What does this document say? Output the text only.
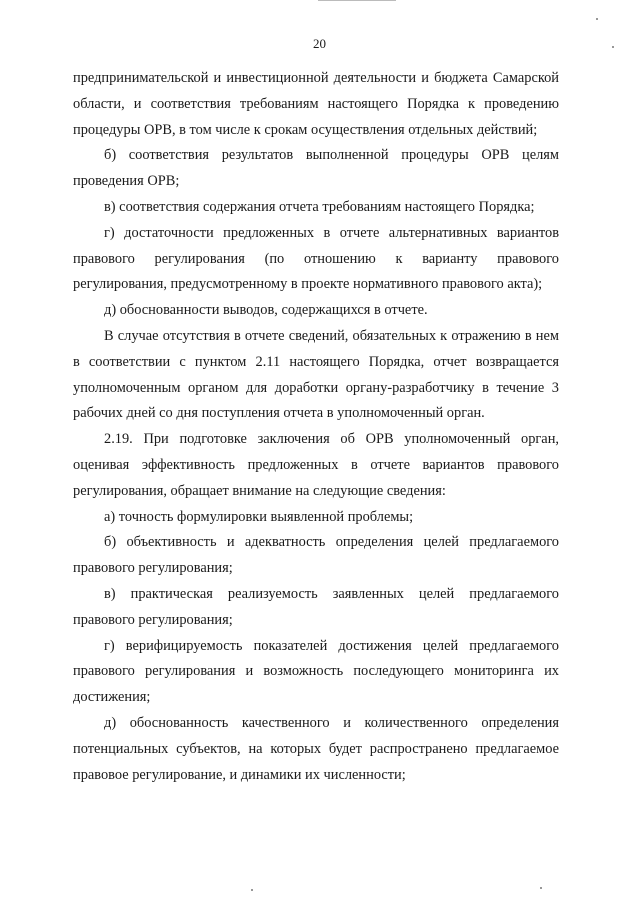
20

предпринимательской и инвестиционной деятельности и бюджета Самарской области, и соответствия требованиям настоящего Порядка к проведению процедуры ОРВ, в том числе к срокам осуществления отдельных действий;

б) соответствия результатов выполненной процедуры ОРВ целям проведения ОРВ;

в) соответствия содержания отчета требованиям настоящего Порядка;

г) достаточности предложенных в отчете альтернативных вариантов правового регулирования (по отношению к варианту правового регулирования, предусмотренному в проекте нормативного правового акта);

д) обоснованности выводов, содержащихся в отчете.

В случае отсутствия в отчете сведений, обязательных к отражению в нем в соответствии с пунктом 2.11 настоящего Порядка, отчет возвращается уполномоченным органом для доработки органу-разработчику в течение 3 рабочих дней со дня поступления отчета в уполномоченный орган.

2.19. При подготовке заключения об ОРВ уполномоченный орган, оценивая эффективность предложенных в отчете вариантов правового регулирования, обращает внимание на следующие сведения:

а) точность формулировки выявленной проблемы;

б) объективность и адекватность определения целей предлагаемого правового регулирования;

в) практическая реализуемость заявленных целей предлагаемого правового регулирования;

г) верифицируемость показателей достижения целей предлагаемого правового регулирования и возможность последующего мониторинга их достижения;

д) обоснованность качественного и количественного определения потенциальных субъектов, на которых будет распространено предлагаемое правовое регулирование, и динамики их численности;
